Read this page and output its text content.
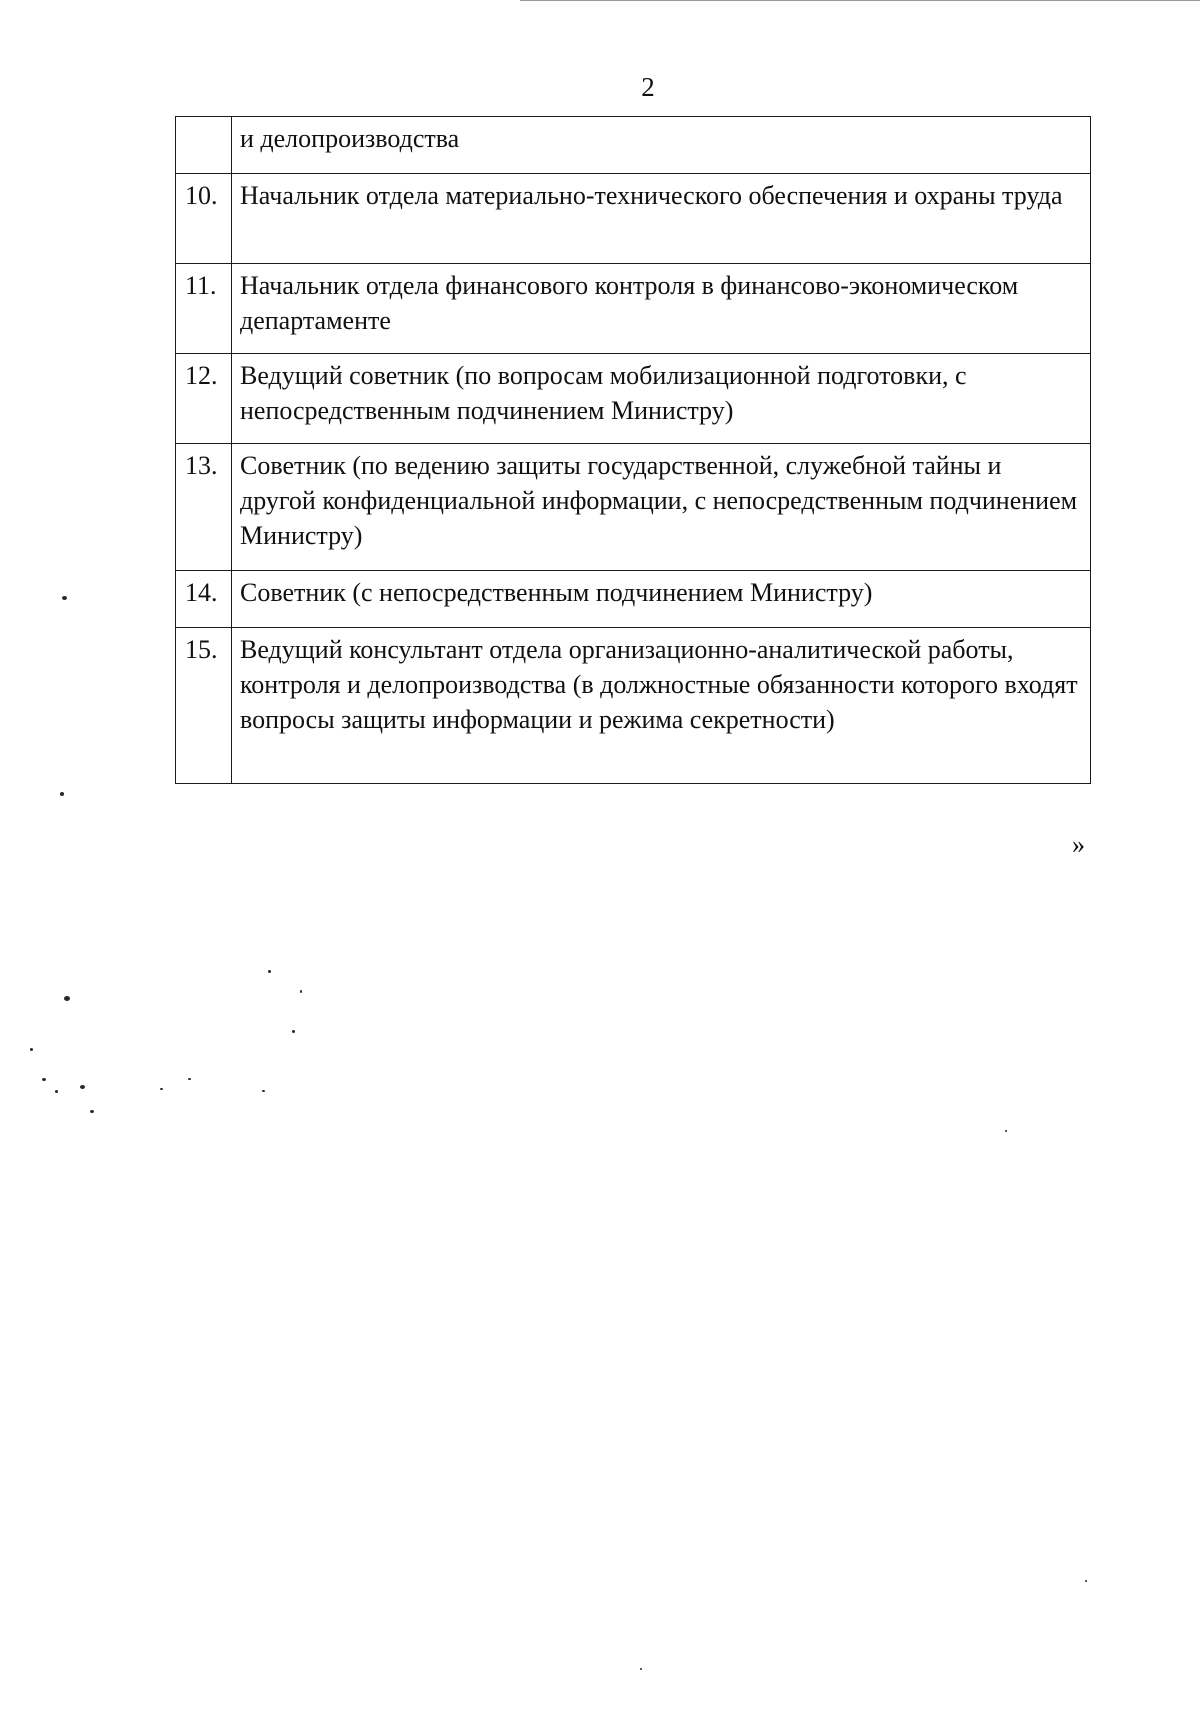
2
	и делопроизводства
10.	Начальник отдела материально-технического обеспечения и охраны труда
11.	Начальник отдела финансового контроля в финансово-экономическом департаменте
12.	Ведущий советник (по вопросам мобилизационной подготовки, с непосредственным подчинением Министру)
13.	Советник (по ведению защиты государственной, служебной тайны и другой конфиденциальной информации, с непосредственным подчинением Министру)
14.	Советник (с непосредственным подчинением Министру)
15.	Ведущий консультант отдела организационно-аналитической работы, контроля и делопроизводства (в должностные обязанности которого входят вопросы защиты информации и режима секретности)
»
